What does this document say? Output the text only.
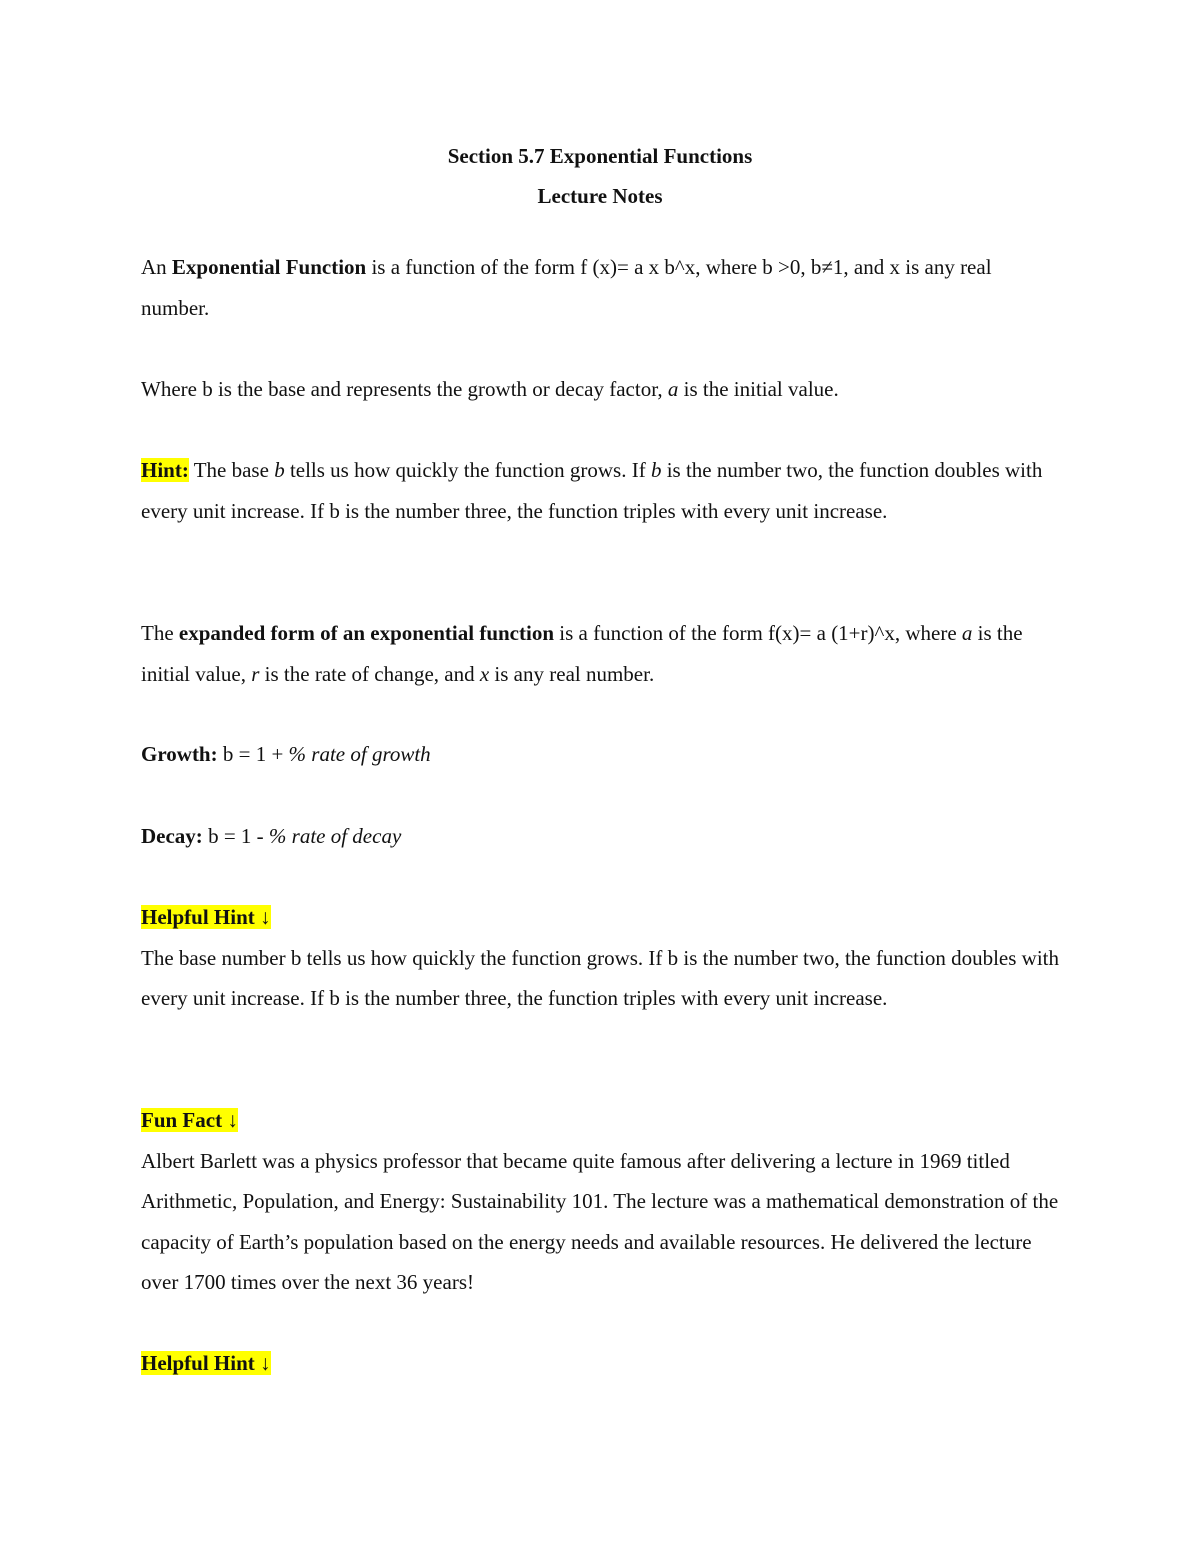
Section 5.7 Exponential Functions
Lecture Notes
An Exponential Function is a function of the form f (x)= a x b^x, where b >0, b≠1, and x is any real number.
Where b is the base and represents the growth or decay factor, a is the initial value.
Hint: The base b tells us how quickly the function grows. If b is the number two, the function doubles with every unit increase. If b is the number three, the function triples with every unit increase.
The expanded form of an exponential function is a function of the form f(x)= a (1+r)^x, where a is the initial value, r is the rate of change, and x is any real number.
Growth: b = 1 + % rate of growth
Decay: b = 1 - % rate of decay
Helpful Hint ↓
The base number b tells us how quickly the function grows. If b is the number two, the function doubles with every unit increase. If b is the number three, the function triples with every unit increase.
Fun Fact ↓
Albert Barlett was a physics professor that became quite famous after delivering a lecture in 1969 titled Arithmetic, Population, and Energy: Sustainability 101. The lecture was a mathematical demonstration of the capacity of Earth’s population based on the energy needs and available resources. He delivered the lecture over 1700 times over the next 36 years!
Helpful Hint ↓
